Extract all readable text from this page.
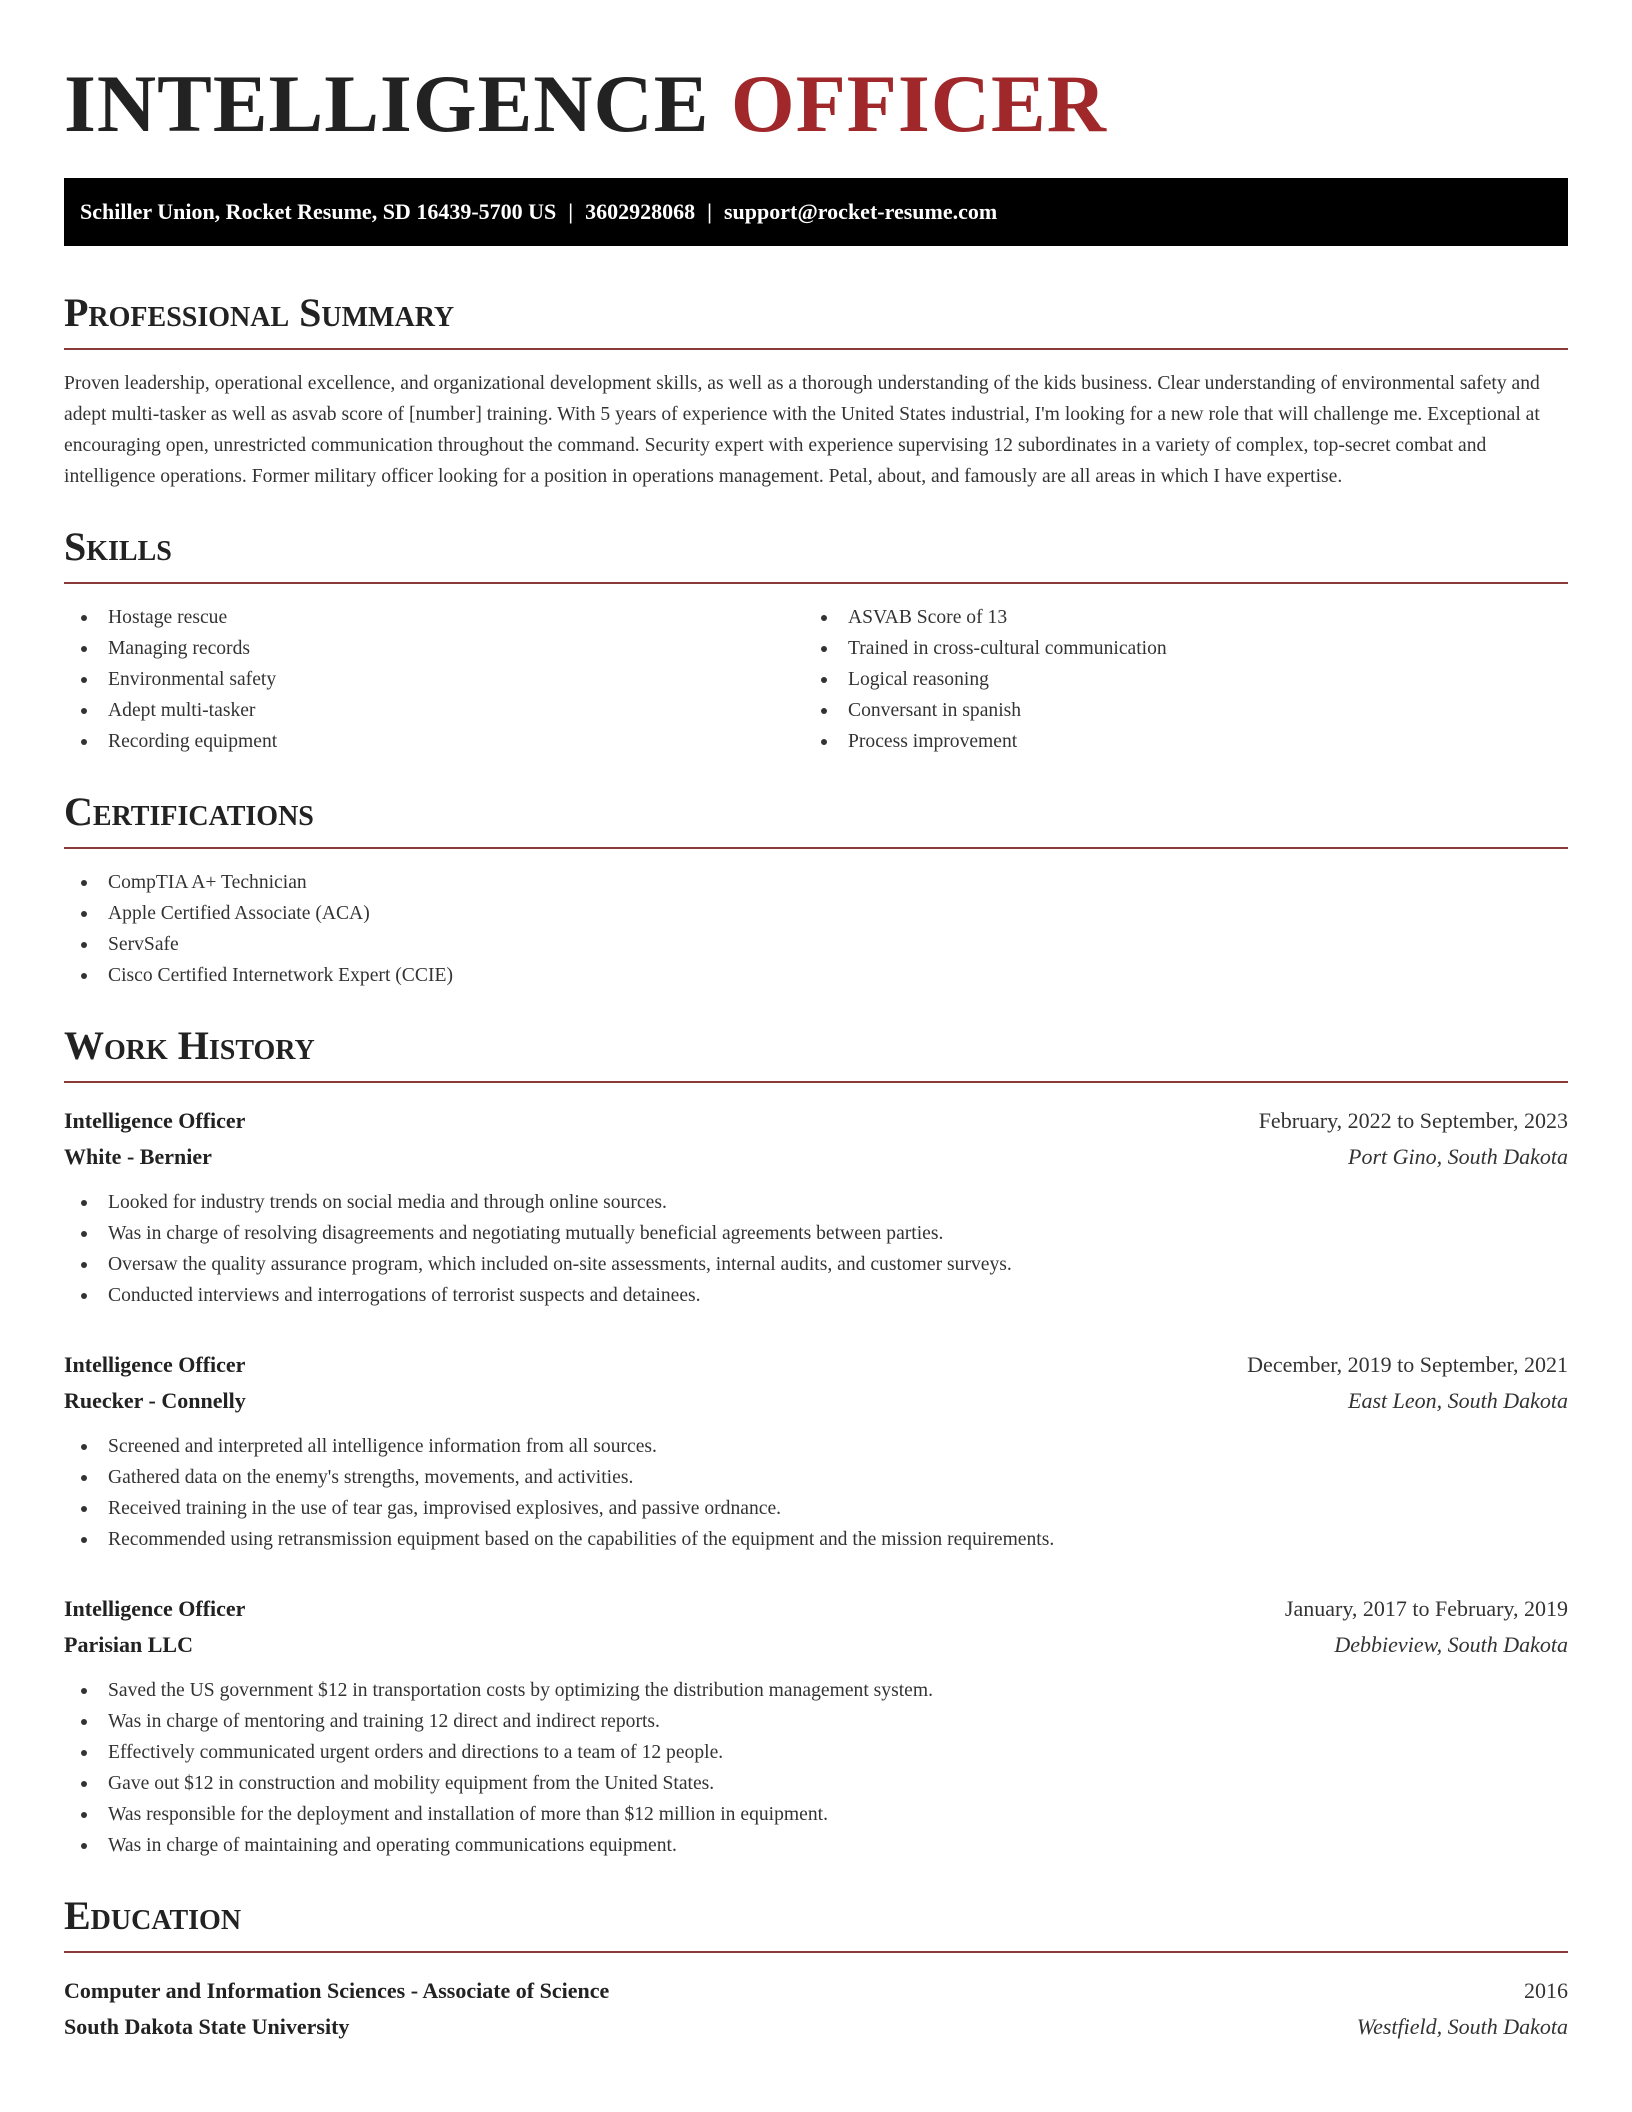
INTELLIGENCE OFFICER
Schiller Union, Rocket Resume, SD 16439-5700 US | 3602928068 | support@rocket-resume.com
Professional Summary

Proven leadership, operational excellence, and organizational development skills, as well as a thorough understanding of the kids business. Clear understanding of environmental safety and adept multi-tasker as well as asvab score of [number] training. With 5 years of experience with the United States industrial, I'm looking for a new role that will challenge me. Exceptional at encouraging open, unrestricted communication throughout the command. Security expert with experience supervising 12 subordinates in a variety of complex, top-secret combat and intelligence operations. Former military officer looking for a position in operations management. Petal, about, and famously are all areas in which I have expertise.

Skills
Hostage rescue
Managing records
Environmental safety
Adept multi-tasker
Recording equipment
ASVAB Score of 13
Trained in cross-cultural communication
Logical reasoning
Conversant in spanish
Process improvement
Certifications
CompTIA A+ Technician
Apple Certified Associate (ACA)
ServSafe
Cisco Certified Internetwork Expert (CCIE)
Work History
Intelligence Officer	February, 2022 to September, 2023
White - Bernier	Port Gino, South Dakota
Looked for industry trends on social media and through online sources.
Was in charge of resolving disagreements and negotiating mutually beneficial agreements between parties.
Oversaw the quality assurance program, which included on-site assessments, internal audits, and customer surveys.
Conducted interviews and interrogations of terrorist suspects and detainees.
Intelligence Officer	December, 2019 to September, 2021
Ruecker - Connelly	East Leon, South Dakota
Screened and interpreted all intelligence information from all sources.
Gathered data on the enemy's strengths, movements, and activities.
Received training in the use of tear gas, improvised explosives, and passive ordnance.
Recommended using retransmission equipment based on the capabilities of the equipment and the mission requirements.
Intelligence Officer	January, 2017 to February, 2019
Parisian LLC	Debbieview, South Dakota
Saved the US government $12 in transportation costs by optimizing the distribution management system.
Was in charge of mentoring and training 12 direct and indirect reports.
Effectively communicated urgent orders and directions to a team of 12 people.
Gave out $12 in construction and mobility equipment from the United States.
Was responsible for the deployment and installation of more than $12 million in equipment.
Was in charge of maintaining and operating communications equipment.
Education
Computer and Information Sciences - Associate of Science	2016
South Dakota State University	Westfield, South Dakota
